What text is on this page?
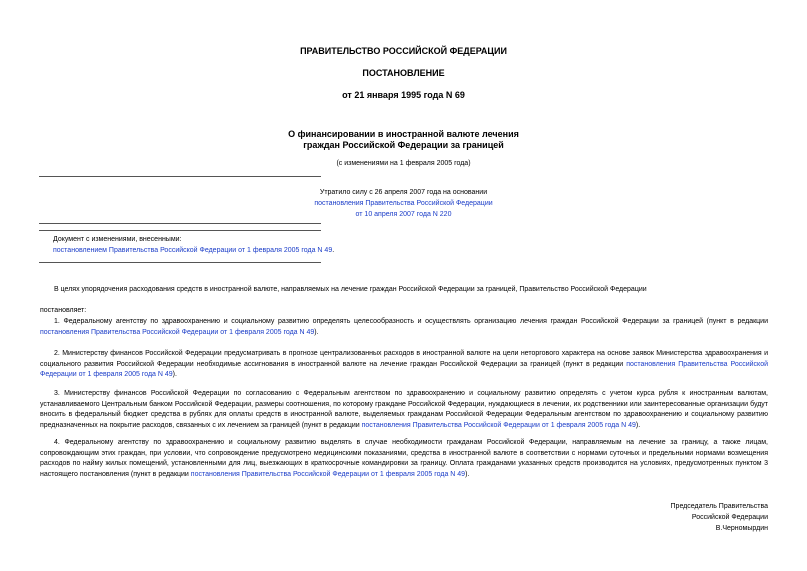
ПРАВИТЕЛЬСТВО РОССИЙСКОЙ ФЕДЕРАЦИИ
ПОСТАНОВЛЕНИЕ
от 21 января 1995 года N 69
О финансировании в иностранной валюте лечения
граждан Российской Федерации за границей
(с изменениями на 1 февраля 2005 года)
Утратило силу с 26 апреля 2007 года на основании
постановления Правительства Российской Федерации
от 10 апреля 2007 года N 220
Документ с изменениями, внесенными:
постановлением Правительства Российской Федерации от 1 февраля 2005 года N 49.
В целях упорядочения расходования средств в иностранной валюте, направляемых на лечение граждан Российской Федерации за границей, Правительство Российской Федерации
постановляет:
1. Федеральному агентству по здравоохранению и социальному развитию определять целесообразность и осуществлять организацию лечения граждан Российской Федерации за границей (пункт в редакции постановления Правительства Российской Федерации от 1 февраля 2005 года N 49).
2. Министерству финансов Российской Федерации предусматривать в прогнозе централизованных расходов в иностранной валюте на цели неторгового характера на основе заявок Министерства здравоохранения и социального развития Российской Федерации необходимые ассигнования в иностранной валюте на лечение граждан Российской Федерации за границей (пункт в редакции постановления Правительства Российской Федерации от 1 февраля 2005 года N 49).
3. Министерству финансов Российской Федерации по согласованию с Федеральным агентством по здравоохранению и социальному развитию определять с учетом курса рубля к иностранным валютам, устанавливаемого Центральным банком Российской Федерации, размеры соотношения, по которому граждане Российской Федерации, нуждающиеся в лечении, их родственники или заинтересованные организации будут вносить в федеральный бюджет средства в рублях для оплаты средств в иностранной валюте, выделяемых гражданам Российской Федерации Федеральным агентством по здравоохранению и социальному развитию предназначенных на покрытие расходов, связанных с их лечением за границей (пункт в редакции постановления Правительства Российской Федерации от 1 февраля 2005 года N 49).
4. Федеральному агентству по здравоохранению и социальному развитию выделять в случае необходимости гражданам Российской Федерации, направляемым на лечение за границу, а также лицам, сопровождающим этих граждан, при условии, что сопровождение предусмотрено медицинскими показаниями, средства в иностранной валюте в соответствии с нормами суточных и предельными нормами возмещения расходов по найму жилых помещений, установленными для лиц, выезжающих в краткосрочные командировки за границу. Оплата гражданами указанных средств производится на условиях, предусмотренных пунктом 3 настоящего постановления (пункт в редакции постановления Правительства Российской Федерации от 1 февраля 2005 года N 49).
Председатель Правительства
Российской Федерации
В.Черномырдин
